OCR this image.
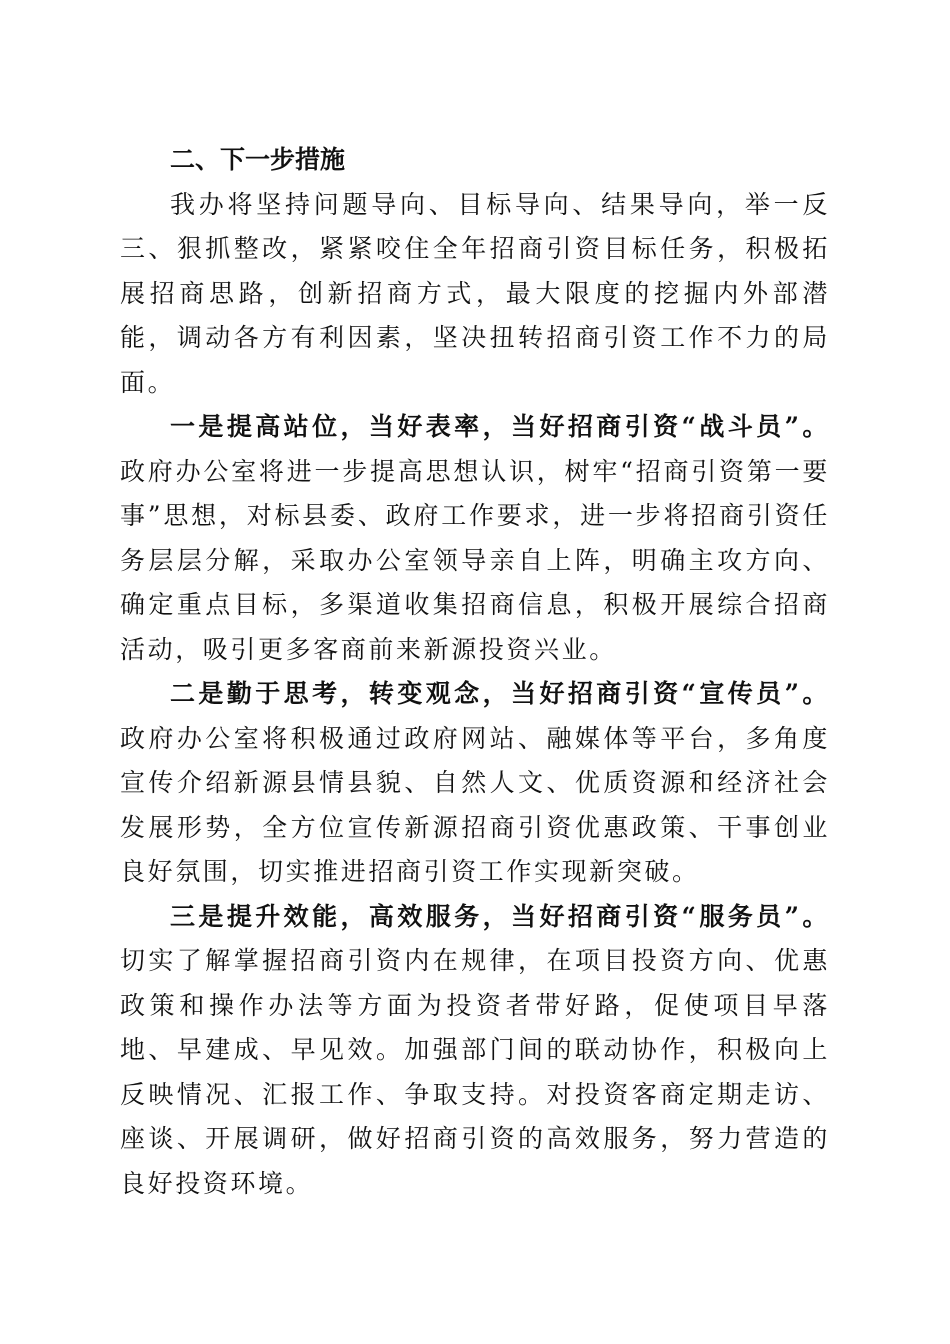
二、下一步措施

我办将坚持问题导向、目标导向、结果导向，举一反三、狠抓整改，紧紧咬住全年招商引资目标任务，积极拓展招商思路，创新招商方式，最大限度的挖掘内外部潜能，调动各方有利因素，坚决扭转招商引资工作不力的局面。

一是提高站位，当好表率，当好招商引资“战斗员”。政府办公室将进一步提高思想认识，树牢“招商引资第一要事”思想，对标县委、政府工作要求，进一步将招商引资任务层层分解，采取办公室领导亲自上阵，明确主攻方向、确定重点目标，多渠道收集招商信息，积极开展综合招商活动，吸引更多客商前来新源投资兴业。

二是勤于思考，转变观念，当好招商引资“宣传员”。政府办公室将积极通过政府网站、融媒体等平台，多角度宣传介绍新源县情县貌、自然人文、优质资源和经济社会发展形势，全方位宣传新源招商引资优惠政策、干事创业良好氛围，切实推进招商引资工作实现新突破。

三是提升效能，高效服务，当好招商引资“服务员”。切实了解掌握招商引资内在规律，在项目投资方向、优惠政策和操作办法等方面为投资者带好路，促使项目早落地、早建成、早见效。加强部门间的联动协作，积极向上反映情况、汇报工作、争取支持。对投资客商定期走访、座谈、开展调研，做好招商引资的高效服务，努力营造的良好投资环境。
